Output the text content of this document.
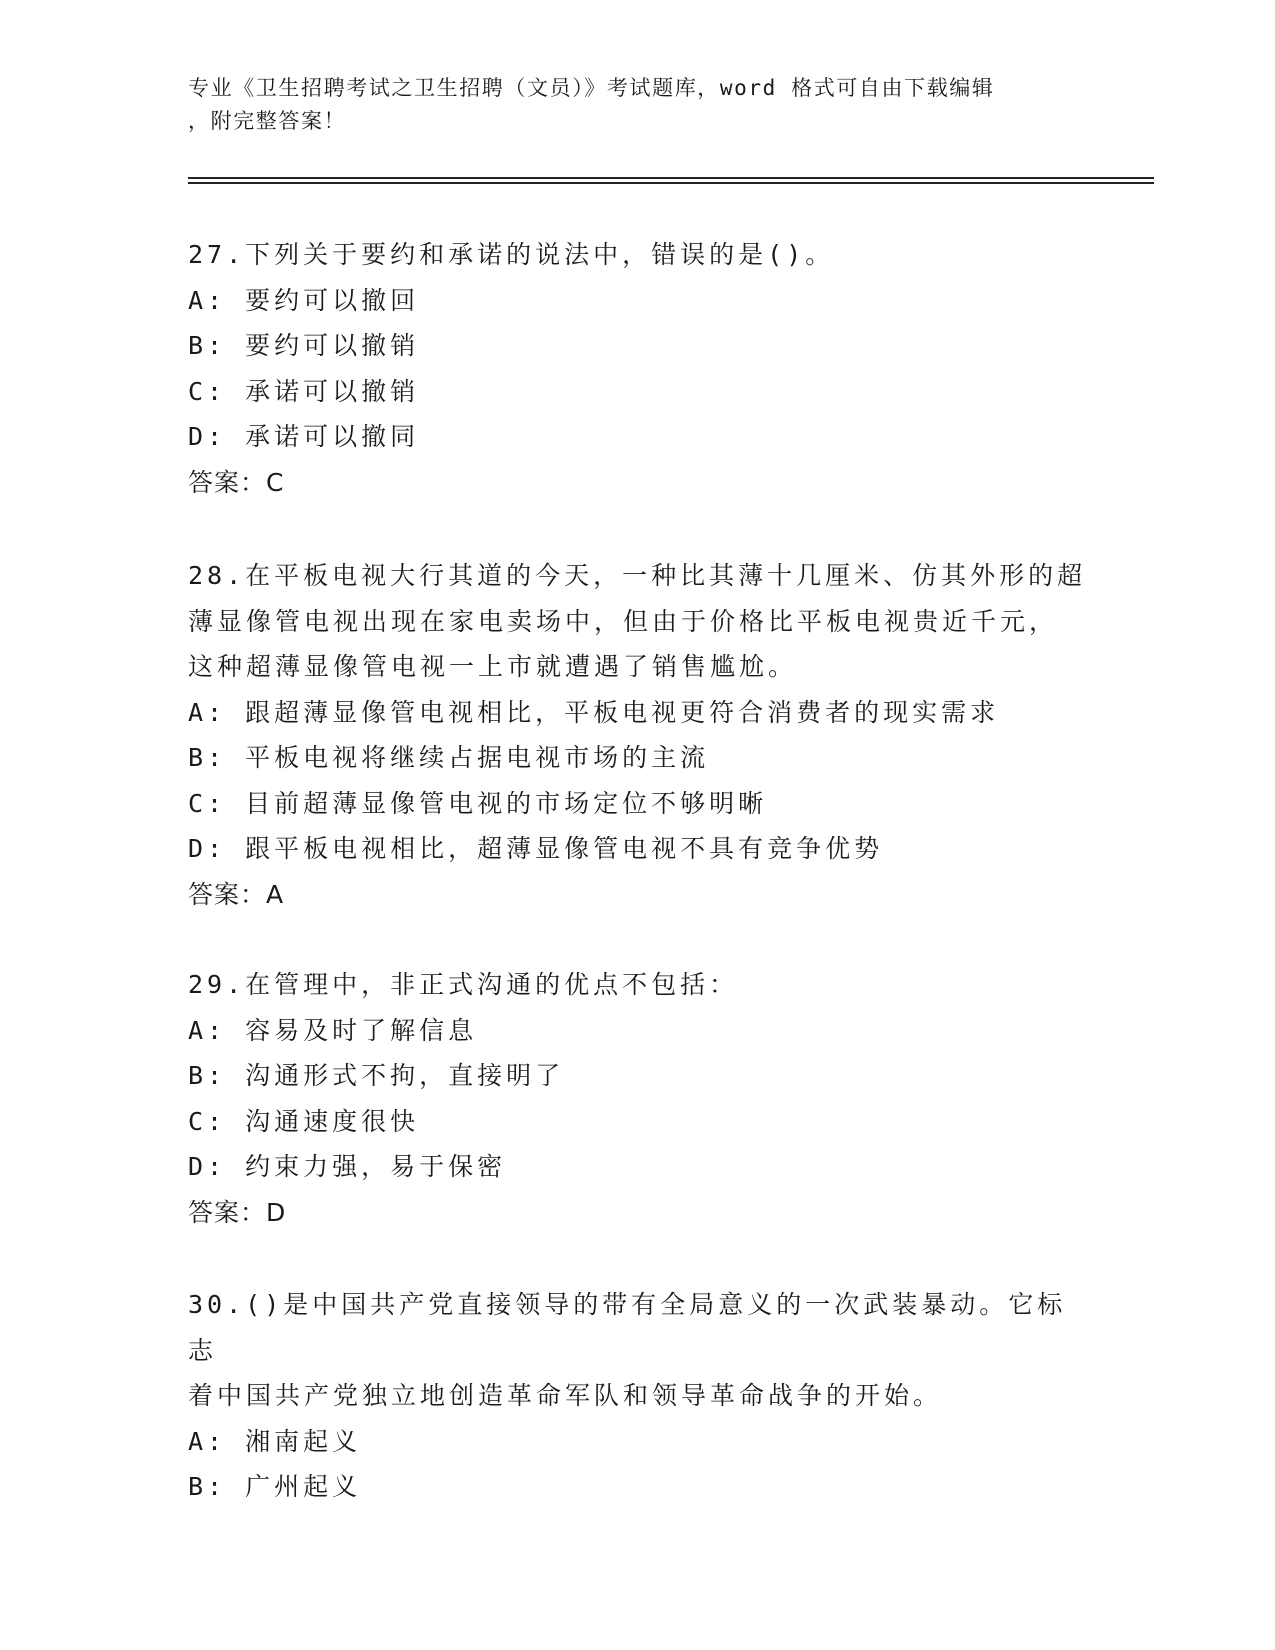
专业《卫生招聘考试之卫生招聘（文员）》考试题库，word 格式可自由下载编辑
，附完整答案！

27.下列关于要约和承诺的说法中，错误的是()。

A: 要约可以撤回

B: 要约可以撤销

C: 承诺可以撤销

D: 承诺可以撤同

答案：C

28.在平板电视大行其道的今天，一种比其薄十几厘米、仿其外形的超

薄显像管电视出现在家电卖场中，但由于价格比平板电视贵近千元，

这种超薄显像管电视一上市就遭遇了销售尴尬。

A: 跟超薄显像管电视相比，平板电视更符合消费者的现实需求

B: 平板电视将继续占据电视市场的主流

C: 目前超薄显像管电视的市场定位不够明晰

D: 跟平板电视相比，超薄显像管电视不具有竞争优势

答案：A

29.在管理中，非正式沟通的优点不包括：

A: 容易及时了解信息

B: 沟通形式不拘，直接明了

C: 沟通速度很快

D: 约束力强，易于保密

答案：D

30.()是中国共产党直接领导的带有全局意义的一次武装暴动。它标志

着中国共产党独立地创造革命军队和领导革命战争的开始。

A: 湘南起义

B: 广州起义
